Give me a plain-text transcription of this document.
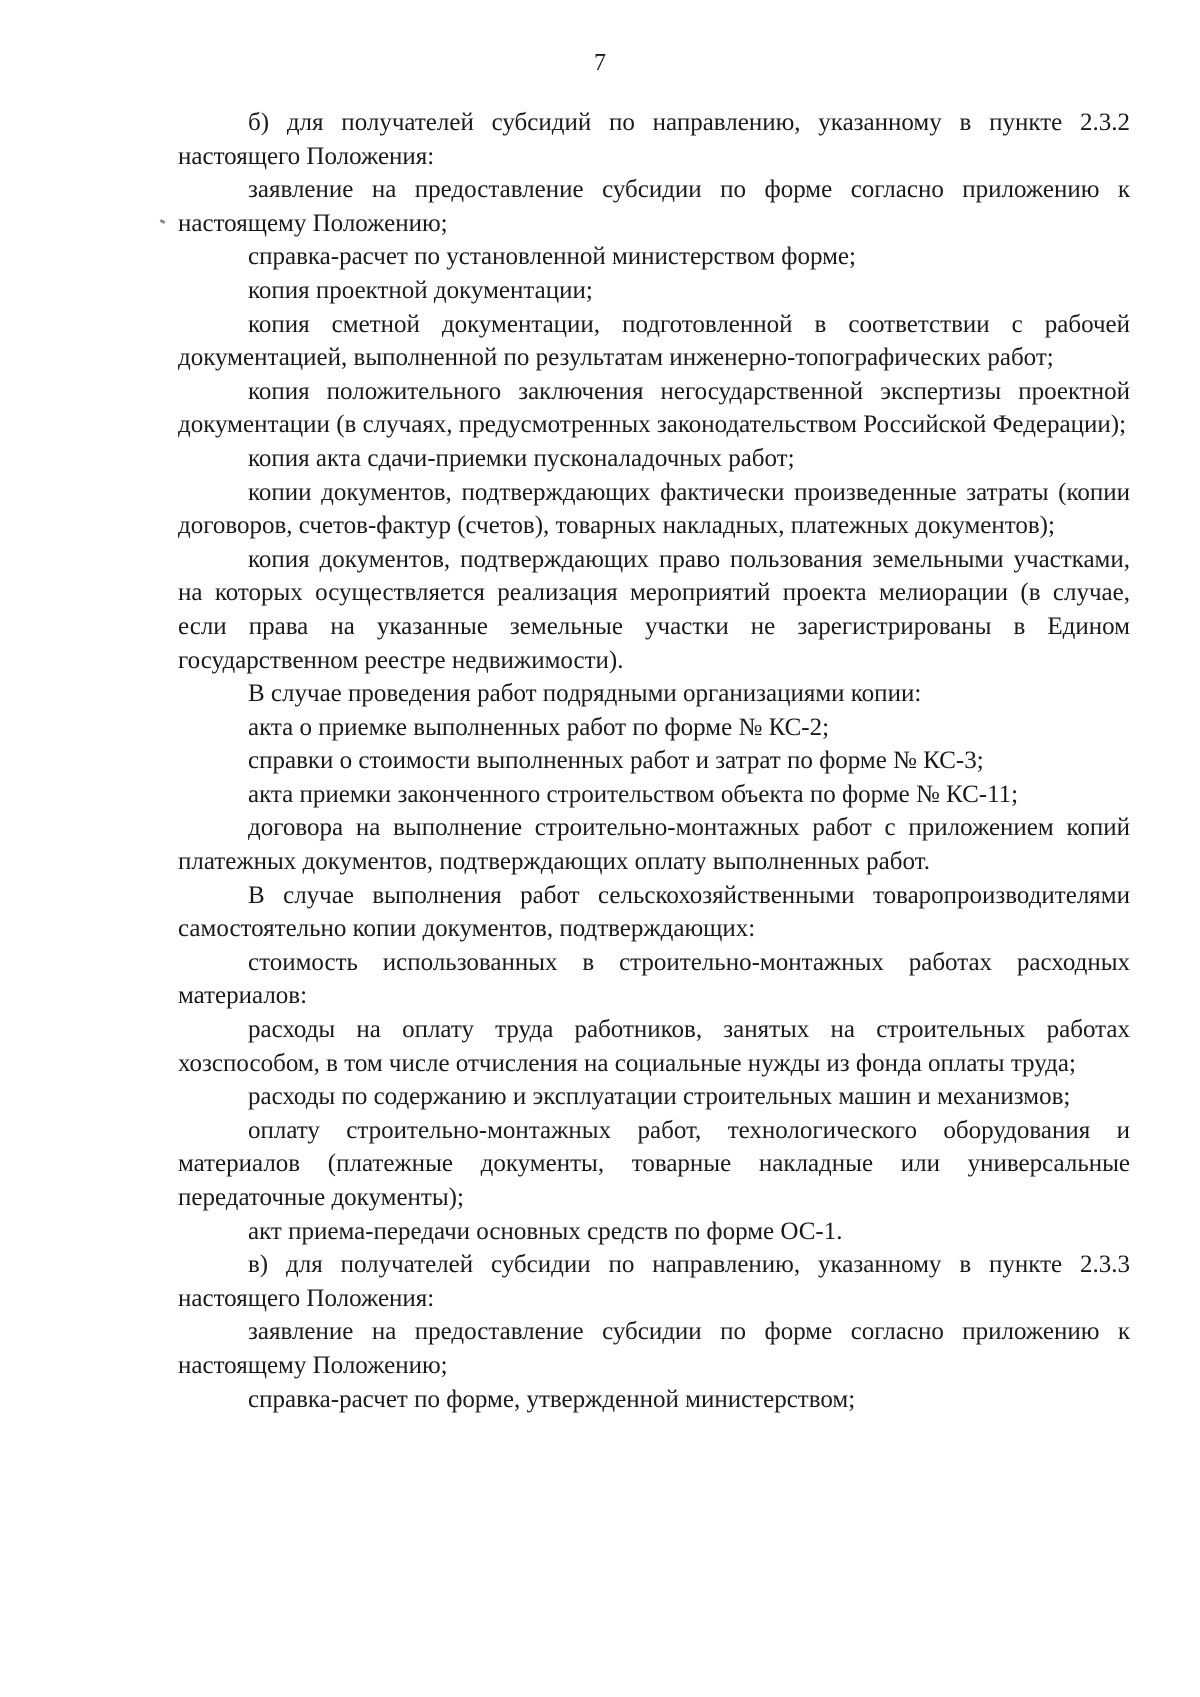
7

б) для получателей субсидий по направлению, указанному в пункте 2.3.2 настоящего Положения:

заявление на предоставление субсидии по форме согласно приложению к настоящему Положению;

справка-расчет по установленной министерством форме;

копия проектной документации;

копия сметной документации, подготовленной в соответствии с рабочей документацией, выполненной по результатам инженерно-топографических работ;

копия положительного заключения негосударственной экспертизы проектной документации (в случаях, предусмотренных законодательством Российской Федерации);

копия акта сдачи-приемки пусконаладочных работ;

копии документов, подтверждающих фактически произведенные затраты (копии договоров, счетов-фактур (счетов), товарных накладных, платежных документов);

копия документов, подтверждающих право пользования земельными участками, на которых осуществляется реализация мероприятий проекта мелиорации (в случае, если права на указанные земельные участки не зарегистрированы в Едином государственном реестре недвижимости).

В случае проведения работ подрядными организациями копии:

акта о приемке выполненных работ по форме № КС-2;

справки о стоимости выполненных работ и затрат по форме № КС-3;

акта приемки законченного строительством объекта по форме № КС-11;

договора на выполнение строительно-монтажных работ с приложением копий платежных документов, подтверждающих оплату выполненных работ.

В случае выполнения работ сельскохозяйственными товаропроизводителями самостоятельно копии документов, подтверждающих:

стоимость использованных в строительно-монтажных работах расходных материалов:

расходы на оплату труда работников, занятых на строительных работах хозспособом, в том числе отчисления на социальные нужды из фонда оплаты труда;

расходы по содержанию и эксплуатации строительных машин и механизмов;

оплату строительно-монтажных работ, технологического оборудования и материалов (платежные документы, товарные накладные или универсальные передаточные документы);

акт приема-передачи основных средств по форме ОС-1.

в) для получателей субсидии по направлению, указанному в пункте 2.3.3 настоящего Положения:

заявление на предоставление субсидии по форме согласно приложению к настоящему Положению;

справка-расчет по форме, утвержденной министерством;
